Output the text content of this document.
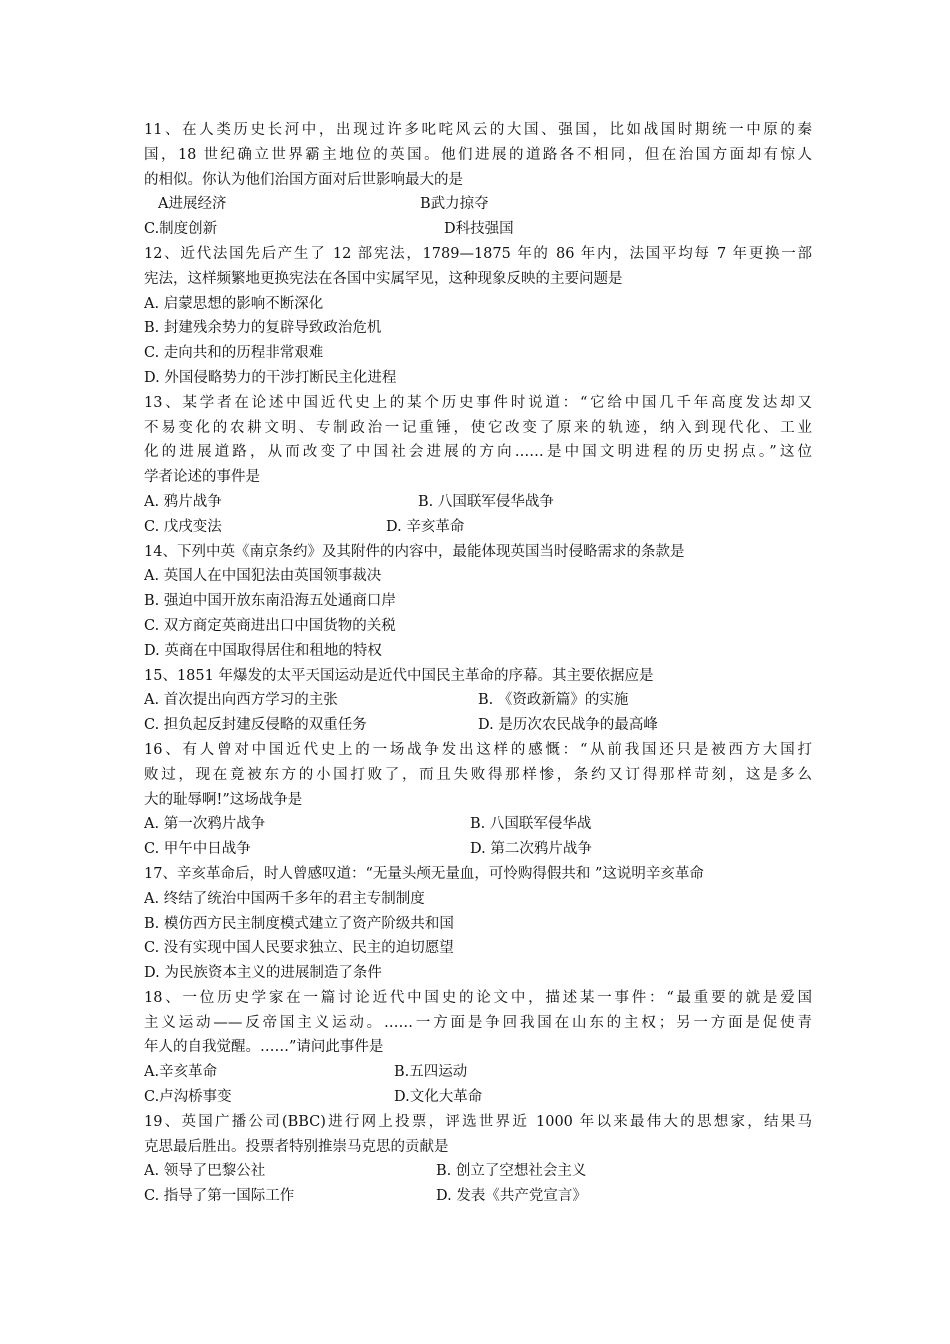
11、在人类历史长河中，出现过许多叱咤风云的大国、强国，比如战国时期统一中原的秦
国，18 世纪确立世界霸主地位的英国。他们进展的道路各不相同，但在治国方面却有惊人
的相似。你认为他们治国方面对后世影响最大的是
A进展经济	B武力掠夺
C.制度创新	D科技强国
12、近代法国先后产生了 12 部宪法，1789—1875 年的 86 年内，法国平均每 7 年更换一部
宪法，这样频繁地更换宪法在各国中实属罕见，这种现象反映的主要问题是
A. 启蒙思想的影响不断深化
B. 封建残余势力的复辟导致政治危机
C. 走向共和的历程非常艰难
D. 外国侵略势力的干涉打断民主化进程
13、某学者在论述中国近代史上的某个历史事件时说道：“它给中国几千年高度发达却又
不易变化的农耕文明、专制政治一记重锤，使它改变了原来的轨迹，纳入到现代化、工业
化的进展道路，从而改变了中国社会进展的方向……是中国文明进程的历史拐点。”这位
学者论述的事件是
A. 鸦片战争	B. 八国联军侵华战争
C. 戊戌变法	D. 辛亥革命
14、下列中英《南京条约》及其附件的内容中，最能体现英国当时侵略需求的条款是
A. 英国人在中国犯法由英国领事裁决
B. 强迫中国开放东南沿海五处通商口岸
C. 双方商定英商进出口中国货物的关税
D. 英商在中国取得居住和租地的特权
15、1851 年爆发的太平天国运动是近代中国民主革命的序幕。其主要依据应是
A. 首次提出向西方学习的主张	B. 《资政新篇》的实施
C. 担负起反封建反侵略的双重任务	D. 是历次农民战争的最高峰
16、有人曾对中国近代史上的一场战争发出这样的感慨：“从前我国还只是被西方大国打
败过，现在竟被东方的小国打败了，而且失败得那样惨，条约又订得那样苛刻，这是多么
大的耻辱啊!”这场战争是
A. 第一次鸦片战争	B. 八国联军侵华战
C. 甲午中日战争	D. 第二次鸦片战争
17、辛亥革命后，时人曾感叹道：“无量头颅无量血，可怜购得假共和 ”这说明辛亥革命
A. 终结了统治中国两千多年的君主专制制度
B. 模仿西方民主制度模式建立了资产阶级共和国
C. 没有实现中国人民要求独立、民主的迫切愿望
D. 为民族资本主义的进展制造了条件
18、一位历史学家在一篇讨论近代中国史的论文中，描述某一事件：“最重要的就是爱国
主义运动——反帝国主义运动。……一方面是争回我国在山东的主权；另一方面是促使青
年人的自我觉醒。……”请问此事件是
A.辛亥革命	B.五四运动
C.卢沟桥事变	D.文化大革命
19、英国广播公司(BBC)进行网上投票，评选世界近 1000 年以来最伟大的思想家，结果马
克思最后胜出。投票者特别推崇马克思的贡献是
A. 领导了巴黎公社	B. 创立了空想社会主义
C. 指导了第一国际工作	D. 发表《共产党宣言》
